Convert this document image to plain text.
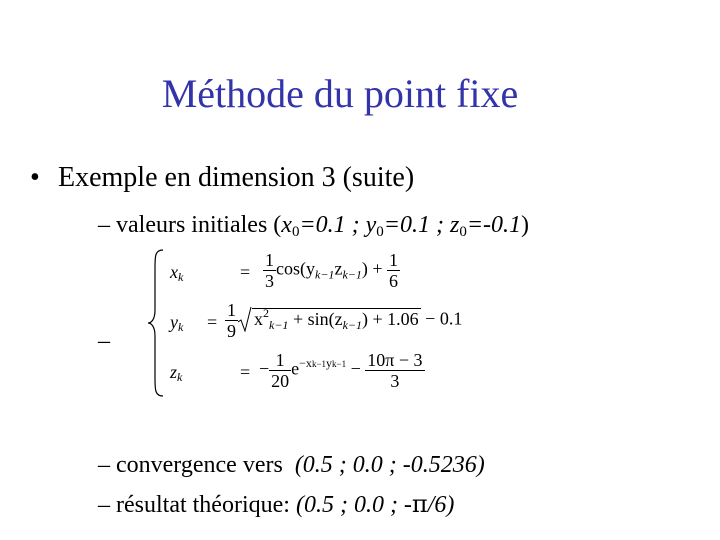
Méthode du point fixe
• Exemple en dimension 3 (suite)
– valeurs initiales ($x_0=0.1$ ; $y_0=0.1$ ; $z_0=-0.1$)
–
$x_k$	= $\frac{1}{3} \cos(y_{k-1}z_{k-1}) + \frac{1}{6}$
$y_k = \frac{1}{9} x^2_{k-1} + \sin(z_{k-1}) + 1.06 - 0.1$
$z_k$	= − $\frac{1}{20} e^{-xk-1yk-1} - \frac{10\pi - 3}{3}$
– convergence vers (0.5 ; 0.0 ; -0.5236)
– résultat théorique: (0.5 ; 0.0 ; -π/6)
